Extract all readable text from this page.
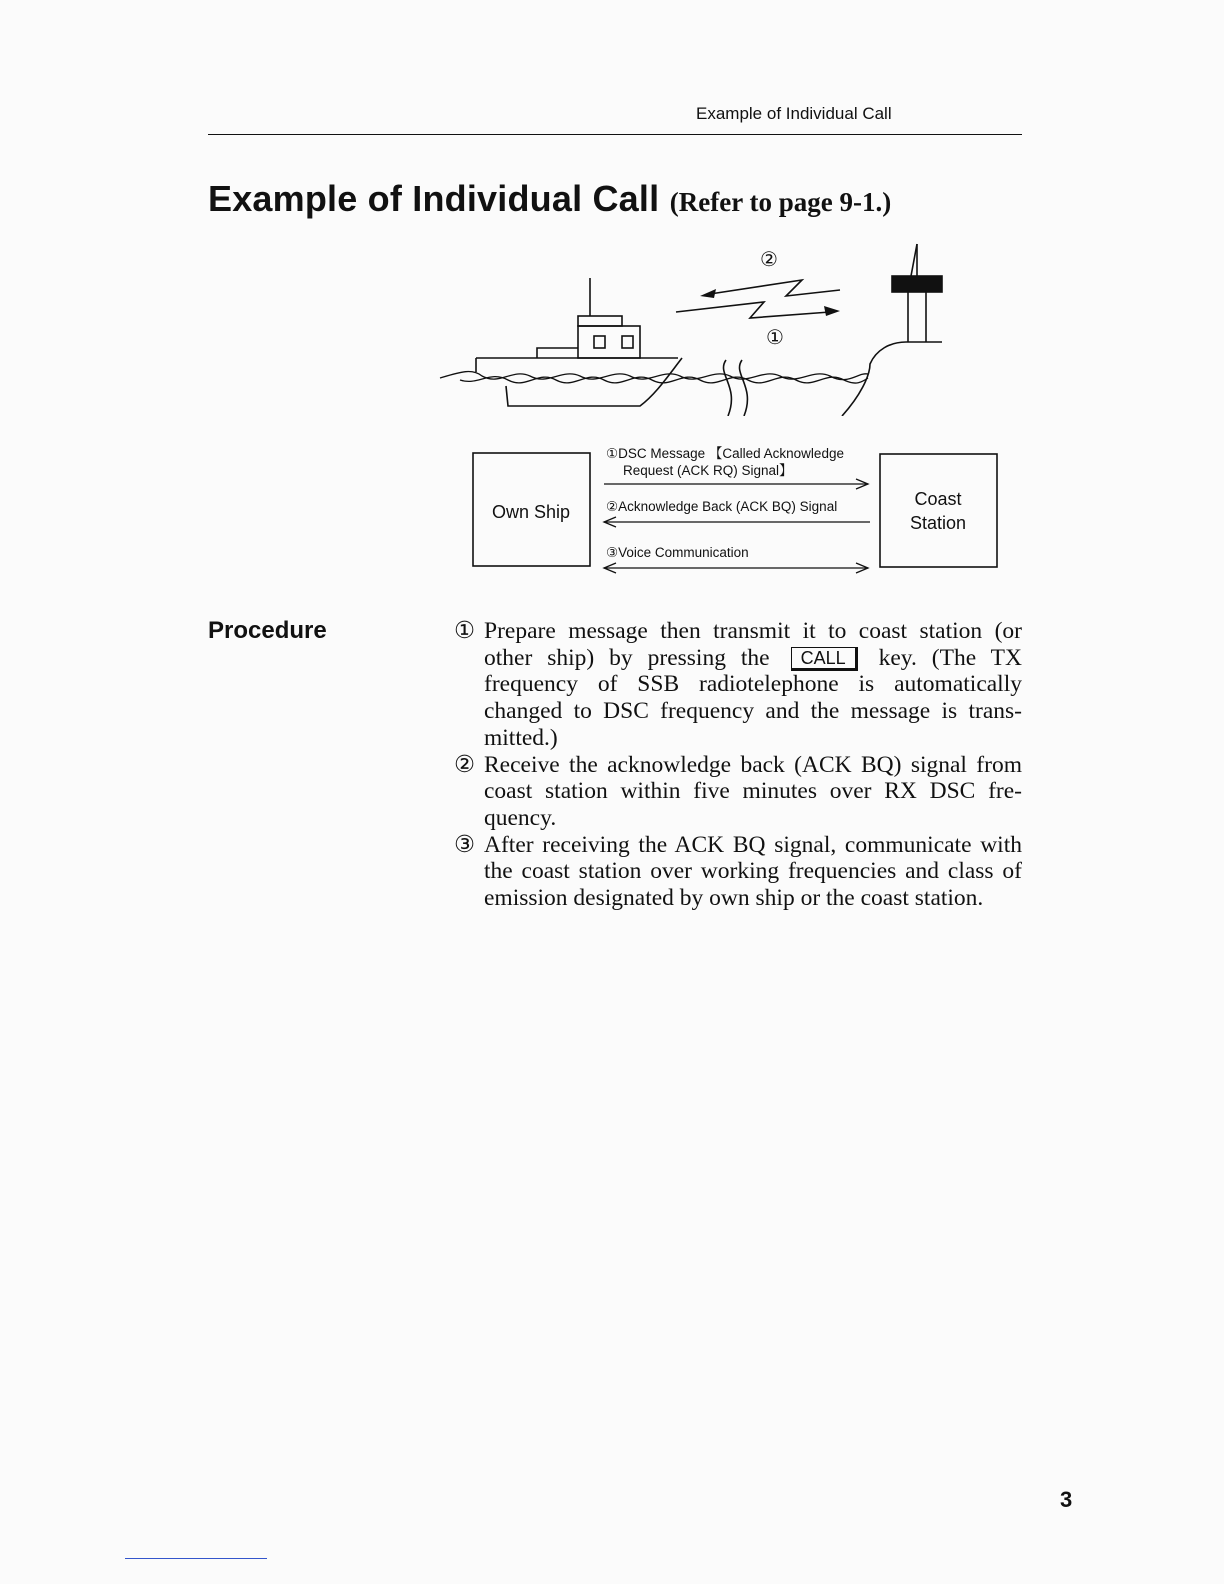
Example of Individual Call
Example of Individual Call (Refer to page 9-1.)
②
①
Own Ship
Coast
Station
①DSC Message 【Called Acknowledge
Request (ACK RQ) Signal】
②Acknowledge Back (ACK BQ) Signal
③Voice Communication
Procedure	① Prepare message then transmit it to coast station (or other ship) by pressing the CALL key. (The TX frequency of SSB radiotelephone is automatically changed to DSC frequency and the message is trans-mitted.)
② Receive the acknowledge back (ACK BQ) signal from coast station within five minutes over RX DSC fre-quency.
③ After receiving the ACK BQ signal, communicate with the coast station over working frequencies and class of emission designated by own ship or the coast station.
3
